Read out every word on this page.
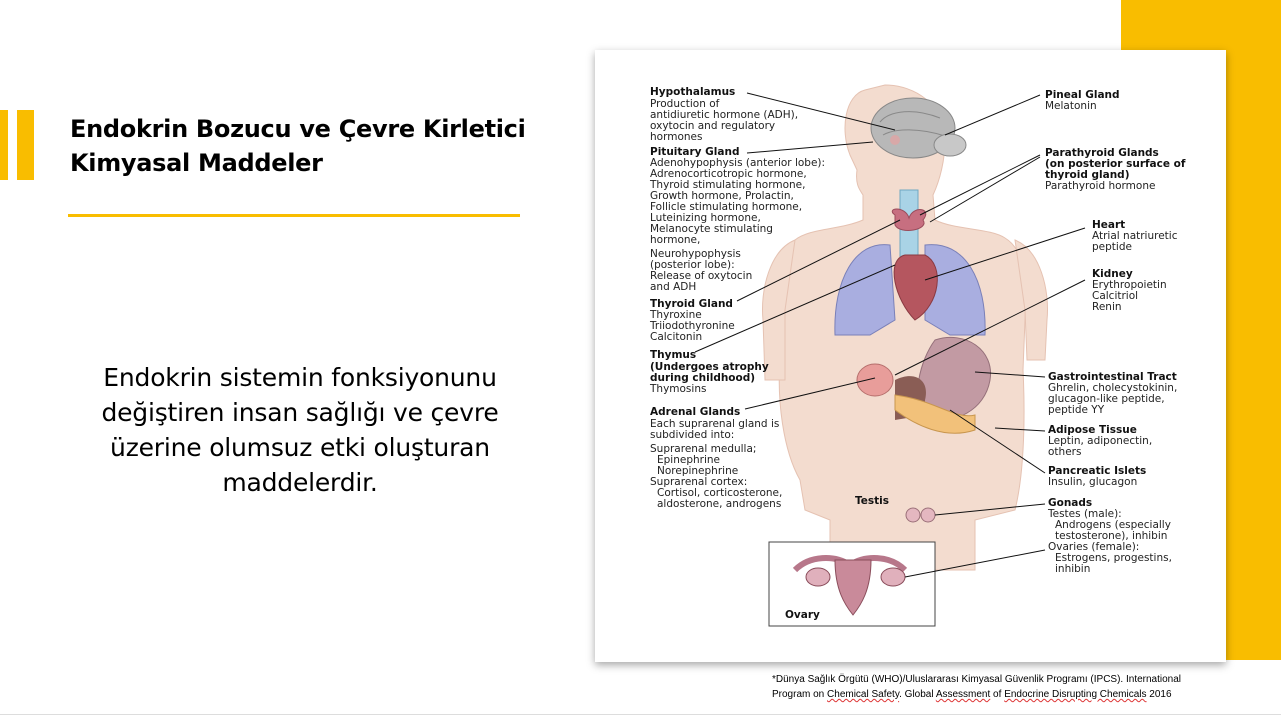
Endokrin Bozucu ve Çevre Kirletici
Kimyasal Maddeler

Endokrin sistemin fonksiyonunu değiştiren insan sağlığı ve çevre üzerine olumsuz etki oluşturan maddelerdir.

Hypothalamus
Production of
antidiuretic hormone (ADH),
oxytocin and regulatory
hormones
Pituitary Gland
Adenohypophysis (anterior lobe):
Adrenocorticotropic hormone,
Thyroid stimulating hormone,
Growth hormone, Prolactin,
Follicle stimulating hormone,
Luteinizing hormone,
Melanocyte stimulating
hormone,
Neurohypophysis
(posterior lobe):
Release of oxytocin
and ADH
Thyroid Gland
Thyroxine
Triiodothyronine
Calcitonin
Thymus
(Undergoes atrophy
during childhood)
Thymosins
Adrenal Glands
Each suprarenal gland is
subdivided into:
Suprarenal medulla;
Epinephrine
Norepinephrine
Suprarenal cortex:
Cortisol, corticosterone,
aldosterone, androgens
Pineal Gland
Melatonin
Parathyroid Glands
(on posterior surface of
thyroid gland)
Parathyroid hormone
Heart
Atrial natriuretic
peptide
Kidney
Erythropoietin
Calcitriol
Renin
Gastrointestinal Tract
Ghrelin, cholecystokinin,
glucagon-like peptide,
peptide YY
Adipose Tissue
Leptin, adiponectin,
others
Pancreatic Islets
Insulin, glucagon
Gonads
Testes (male):
Androgens (especially
testosterone), inhibin
Ovaries (female):
Estrogens, progestins,
inhibin
Testis
Ovary

*Dünya Sağlık Örgütü (WHO)/Uluslararası Kimyasal Güvenlik Programı (IPCS). International
Program on Chemical Safety. Global Assessment of Endocrine Disrupting Chemicals 2016
